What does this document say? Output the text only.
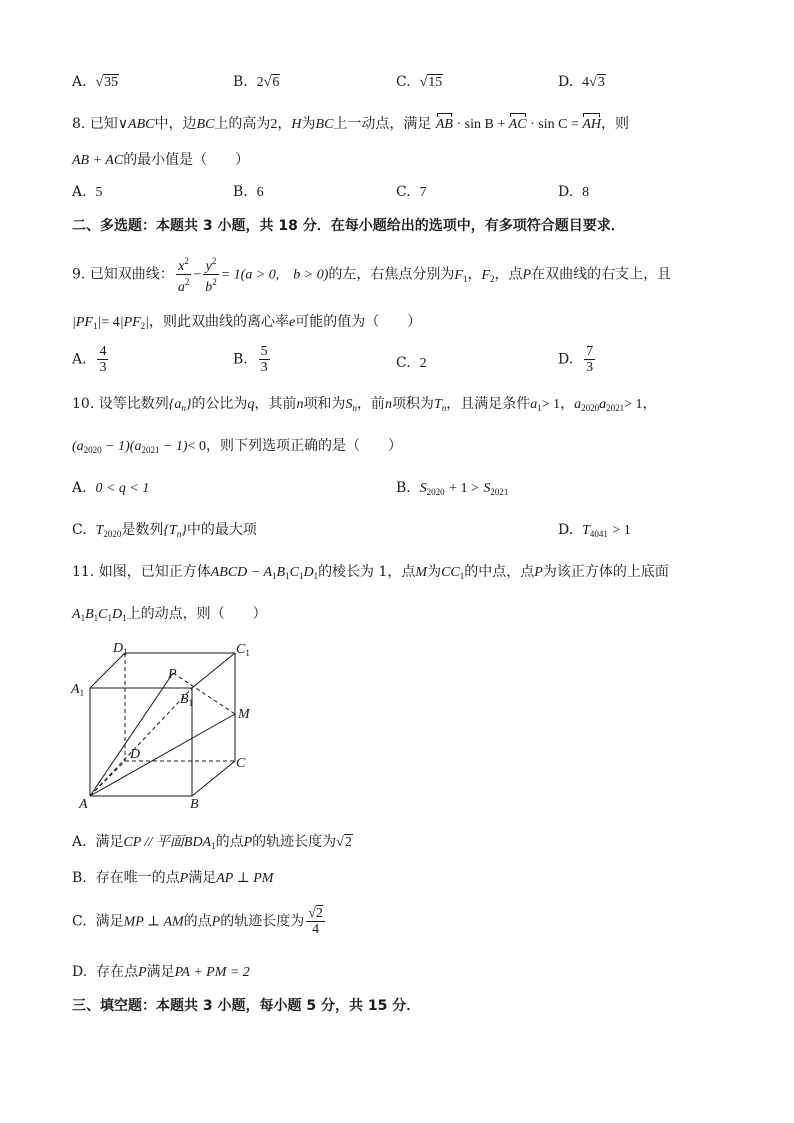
A. √35	B. 2√6	C. √15	D. 4√3
8. 已知∨ABC中，边BC上的高为2，H为BC上一动点，满足 AB · sin B + AC · sin C = AH，则
AB + AC的最小值是（　　）
A. 5	B. 6	C. 7	D. 8
二、多选题：本题共 3 小题，共 18 分．在每小题给出的选项中，有多项符合题目要求．
9. 已知双曲线： $\frac{x^2}{a^2} - \frac{y^2}{b^2} = 1(a > 0$,　b > 0)的左，右焦点分别为$F_1$，$F_2$，点P在双曲线的右支上，且
$|PF_1|= 4|PF_2|$，则此双曲线的离心率e可能的值为（　　）
A. $\frac{4}{3}$	B. $\frac{5}{3}$	C. 2	D. $\frac{7}{3}$
10. 设等比数列$\{a_n\}$的公比为q，其前n项和为$S_n$，前n项积为$T_n$，且满足条件$a_1> 1$，$a_{2020}a_{2021}> 1$，
$(a_{2020} - 1)(a_{2021} - 1)< 0$，则下列选项正确的是（　　）
A. 0 < q < 1	B. $S_{2020} + 1 > S_{2021}$
C. $T_{2020}$是数列$\{T_n\}$中的最大项	D. $T_{4041} > 1$
11. 如图，已知正方体ABCD − $A_1B_1C_1D_1$的棱长为 1，点M为$CC_1$的中点，点P为该正方体的上底面
$A_1B_1C_1D_1$上的动点，则（　　）
$D_1$	$C_1$
$A_1$	$B_1$
P
M
D
C
A	B
A. 满足CP // 平面$BDA_1$的点P的轨迹长度为√2
B. 存在唯一的点P满足AP ⊥ PM
C. 满足MP ⊥ AM的点P的轨迹长度为 $\frac{√2}{4}$
D. 存在点P满足PA + PM = 2
三、填空题：本题共 3 小题，每小题 5 分，共 15 分．
